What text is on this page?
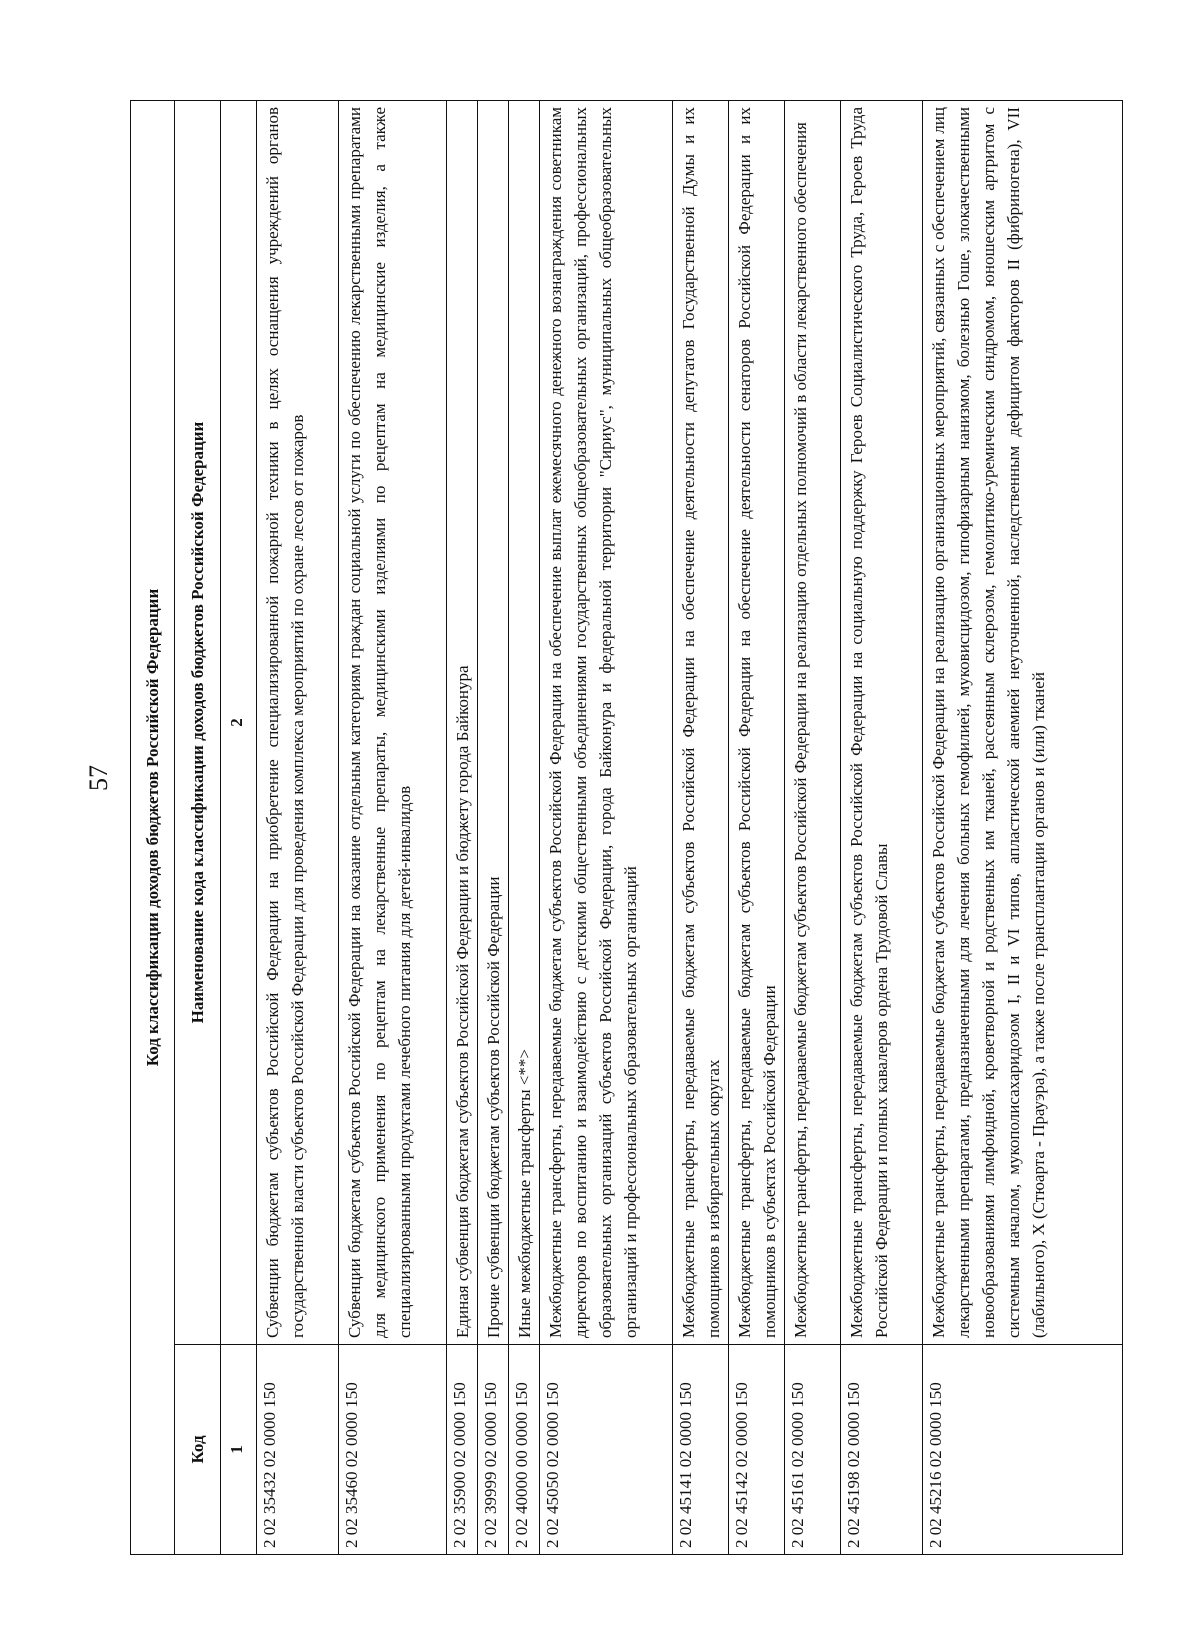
57 Код классификации доходов бюджетов Российской Федерации	
Код	Наименование кода классификации доходов бюджетов Российской Федерации
1	2
2 02 35432 02 0000 150	Субвенции бюджетам субъектов Российской Федерации на приобретение специализированной пожарной техники в целях оснащения учреждений органов государственной власти субъектов Российской Федерации для проведения комплекса мероприятий по охране лесов от пожаров
2 02 35460 02 0000 150	Субвенции бюджетам субъектов Российской Федерации на оказание отдельным категориям граждан социальной услуги по обеспечению лекарственными препаратами для медицинского применения по рецептам на лекарственные препараты, медицинскими изделиями по рецептам на медицинские изделия, а также специализированными продуктами лечебного питания для детей-инвалидов
2 02 35900 02 0000 150	Единая субвенция бюджетам субъектов Российской Федерации и бюджету города Байконура
2 02 39999 02 0000 150	Прочие субвенции бюджетам субъектов Российской Федерации
2 02 40000 00 0000 150	Иные межбюджетные трансферты <**>
2 02 45050 02 0000 150	Межбюджетные трансферты, передаваемые бюджетам субъектов Российской Федерации на обеспечение выплат ежемесячного денежного вознаграждения советникам директоров по воспитанию и взаимодействию с детскими общественными объединениями государственных общеобразовательных организаций, профессиональных образовательных организаций субъектов Российской Федерации, города Байконура и федеральной территории "Сириус", муниципальных общеобразовательных организаций и профессиональных образовательных организаций
2 02 45141 02 0000 150	Межбюджетные трансферты, передаваемые бюджетам субъектов Российской Федерации на обеспечение деятельности депутатов Государственной Думы и их помощников в избирательных округах
2 02 45142 02 0000 150	Межбюджетные трансферты, передаваемые бюджетам субъектов Российской Федерации на обеспечение деятельности сенаторов Российской Федерации и их помощников в субъектах Российской Федерации
2 02 45161 02 0000 150	Межбюджетные трансферты, передаваемые бюджетам субъектов Российской Федерации на реализацию отдельных полномочий в области лекарственного обеспечения
2 02 45198 02 0000 150	Межбюджетные трансферты, передаваемые бюджетам субъектов Российской Федерации на социальную поддержку Героев Социалистического Труда, Героев Труда Российской Федерации и полных кавалеров ордена Трудовой Славы
2 02 45216 02 0000 150	Межбюджетные трансферты, передаваемые бюджетам субъектов Российской Федерации на реализацию организационных мероприятий, связанных с обеспечением лиц лекарственными препаратами, предназначенными для лечения больных гемофилией, муковисцидозом, гипофизарным нанизмом, болезнью Гоше, злокачественными новообразованиями лимфоидной, кроветворной и родственных им тканей, рассеянным склерозом, гемолитико-уремическим синдромом, юношеским артритом с системным началом, мукополисахаридозом I, II и VI типов, апластической анемией неуточненной, наследственным дефицитом факторов II (фибриногена), VII (лабильного), X (Стюарта - Прауэра), а также после трансплантации органов и (или) тканей
